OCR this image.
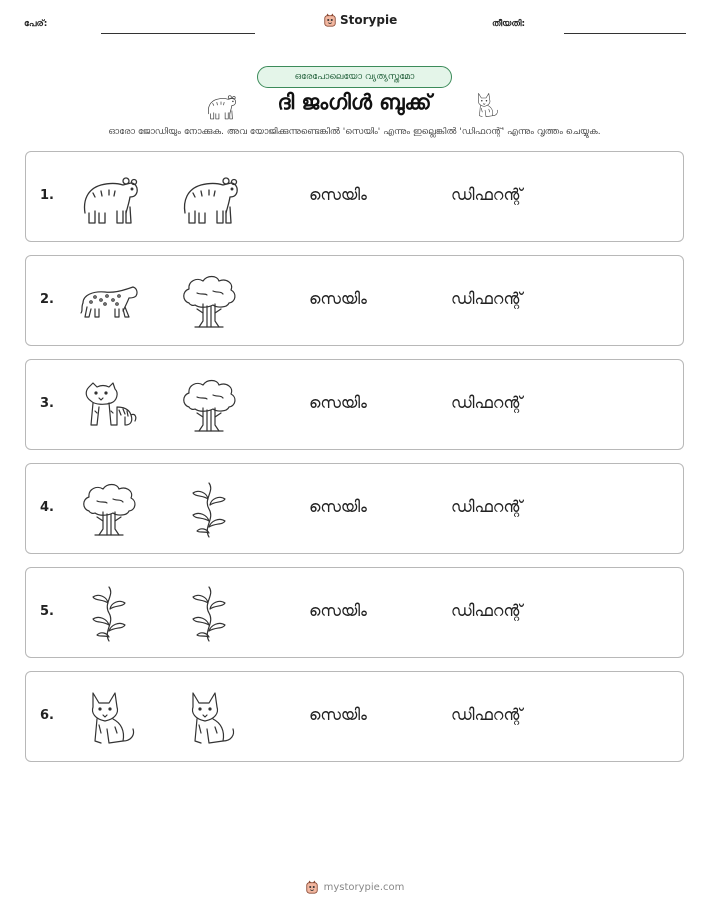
പേര്:	Storypie	തീയതി:
ഒരേപോലെയോ വ്യത്യസ്തമോ
ദി ജംഗിൾ ബുക്ക്
ഓരോ ജോഡിയും നോക്കുക. അവ യോജിക്കുന്നുണ്ടെങ്കിൽ 'സെയിം' എന്നും ഇല്ലെങ്കിൽ 'ഡിഫറന്റ്' എന്നും വൃത്തം ചെയ്യുക.
1.	സെയിം	ഡിഫറന്റ്
2.	സെയിം	ഡിഫറന്റ്
3.	സെയിം	ഡിഫറന്റ്
4.	സെയിം	ഡിഫറന്റ്
5.	സെയിം	ഡിഫറന്റ്
6.	സെയിം	ഡിഫറന്റ്
mystorypie.com
